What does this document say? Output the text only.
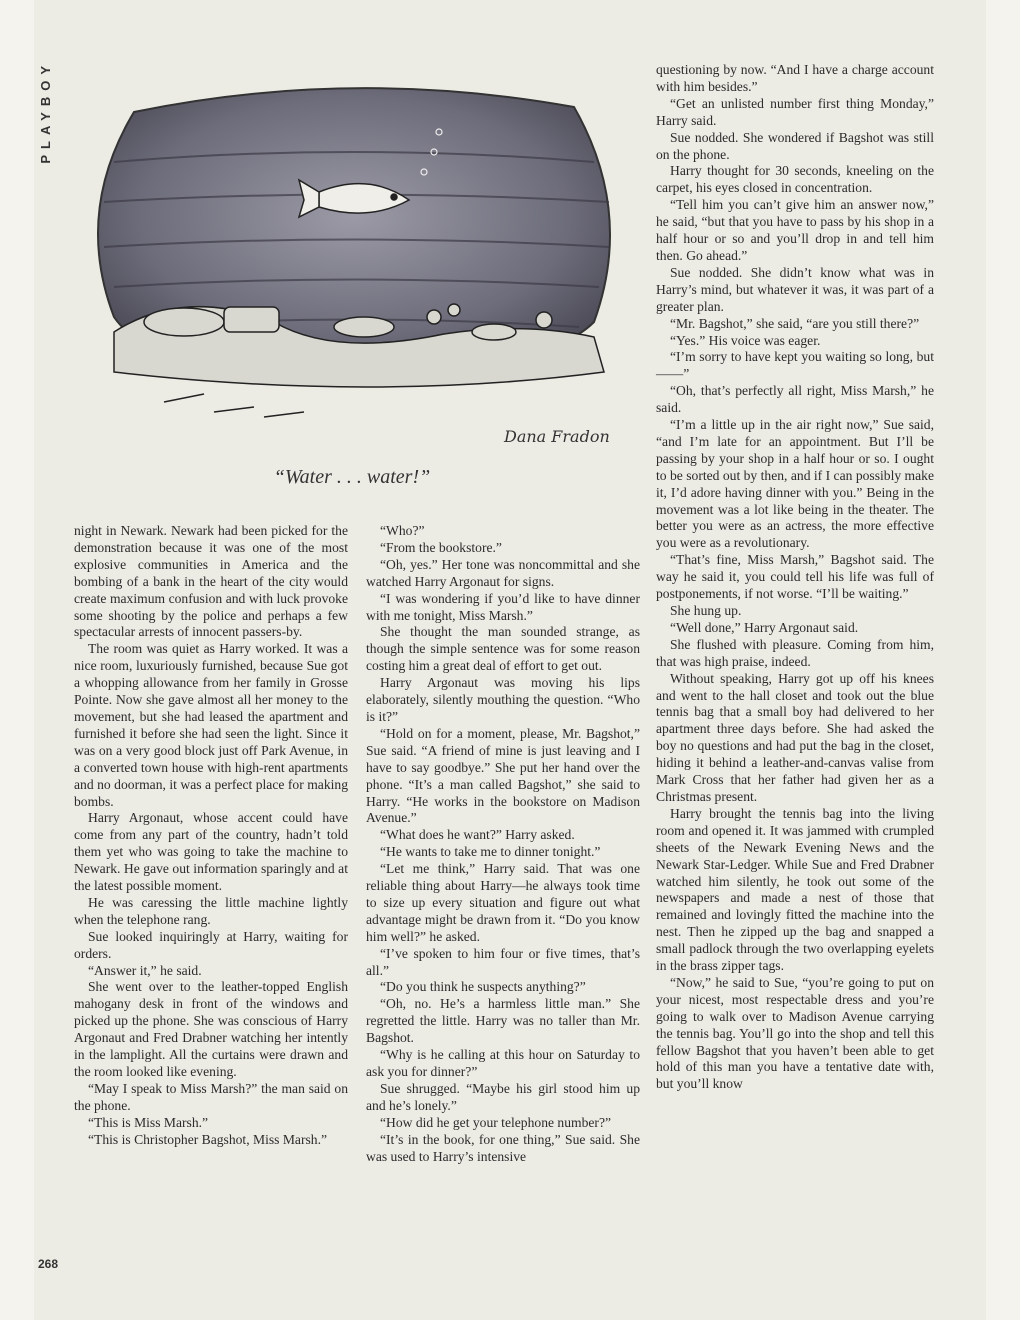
PLAYBOY
Dana Fradon
“Water . . . water!”

night in Newark. Newark had been picked for the demonstration because it was one of the most explosive communities in America and the bombing of a bank in the heart of the city would create maximum confusion and with luck provoke some shooting by the police and perhaps a few spectacular arrests of innocent passers-by.

The room was quiet as Harry worked. It was a nice room, luxuriously furnished, because Sue got a whopping allowance from her family in Grosse Pointe. Now she gave almost all her money to the movement, but she had leased the apartment and furnished it before she had seen the light. Since it was on a very good block just off Park Avenue, in a converted town house with high-rent apartments and no doorman, it was a perfect place for making bombs.

Harry Argonaut, whose accent could have come from any part of the country, hadn’t told them yet who was going to take the machine to Newark. He gave out information sparingly and at the latest possible moment.

He was caressing the little machine lightly when the telephone rang.

Sue looked inquiringly at Harry, waiting for orders.

“Answer it,” he said.

She went over to the leather-topped English mahogany desk in front of the windows and picked up the phone. She was conscious of Harry Argonaut and Fred Drabner watching her intently in the lamplight. All the curtains were drawn and the room looked like evening.

“May I speak to Miss Marsh?” the man said on the phone.

“This is Miss Marsh.”

“This is Christopher Bagshot, Miss Marsh.”

“Who?”

“From the bookstore.”

“Oh, yes.” Her tone was noncommittal and she watched Harry Argonaut for signs.

“I was wondering if you’d like to have dinner with me tonight, Miss Marsh.”

She thought the man sounded strange, as though the simple sentence was for some reason costing him a great deal of effort to get out.

Harry Argonaut was moving his lips elaborately, silently mouthing the question. “Who is it?”

“Hold on for a moment, please, Mr. Bagshot,” Sue said. “A friend of mine is just leaving and I have to say goodbye.” She put her hand over the phone. “It’s a man called Bagshot,” she said to Harry. “He works in the bookstore on Madison Avenue.”

“What does he want?” Harry asked.

“He wants to take me to dinner tonight.”

“Let me think,” Harry said. That was one reliable thing about Harry—he always took time to size up every situation and figure out what advantage might be drawn from it. “Do you know him well?” he asked.

“I’ve spoken to him four or five times, that’s all.”

“Do you think he suspects anything?”

“Oh, no. He’s a harmless little man.” She regretted the little. Harry was no taller than Mr. Bagshot.

“Why is he calling at this hour on Saturday to ask you for dinner?”

Sue shrugged. “Maybe his girl stood him up and he’s lonely.”

“How did he get your telephone number?”

“It’s in the book, for one thing,” Sue said. She was used to Harry’s intensive

questioning by now. “And I have a charge account with him besides.”

“Get an unlisted number first thing Monday,” Harry said.

Sue nodded. She wondered if Bagshot was still on the phone.

Harry thought for 30 seconds, kneeling on the carpet, his eyes closed in concentration.

“Tell him you can’t give him an answer now,” he said, “but that you have to pass by his shop in a half hour or so and you’ll drop in and tell him then. Go ahead.”

Sue nodded. She didn’t know what was in Harry’s mind, but whatever it was, it was part of a greater plan.

“Mr. Bagshot,” she said, “are you still there?”

“Yes.” His voice was eager.

“I’m sorry to have kept you waiting so long, but——”

“Oh, that’s perfectly all right, Miss Marsh,” he said.

“I’m a little up in the air right now,” Sue said, “and I’m late for an appointment. But I’ll be passing by your shop in a half hour or so. I ought to be sorted out by then, and if I can possibly make it, I’d adore having dinner with you.” Being in the movement was a lot like being in the theater. The better you were as an actress, the more effective you were as a revolutionary.

“That’s fine, Miss Marsh,” Bagshot said. The way he said it, you could tell his life was full of postponements, if not worse. “I’ll be waiting.”

She hung up.

“Well done,” Harry Argonaut said.

She flushed with pleasure. Coming from him, that was high praise, indeed.

Without speaking, Harry got up off his knees and went to the hall closet and took out the blue tennis bag that a small boy had delivered to her apartment three days before. She had asked the boy no questions and had put the bag in the closet, hiding it behind a leather-and-canvas valise from Mark Cross that her father had given her as a Christmas present.

Harry brought the tennis bag into the living room and opened it. It was jammed with crumpled sheets of the Newark Evening News and the Newark Star-Ledger. While Sue and Fred Drabner watched him silently, he took out some of the newspapers and made a nest of those that remained and lovingly fitted the machine into the nest. Then he zipped up the bag and snapped a small padlock through the two overlapping eyelets in the brass zipper tags.

“Now,” he said to Sue, “you’re going to put on your nicest, most respectable dress and you’re going to walk over to Madison Avenue carrying the tennis bag. You’ll go into the shop and tell this fellow Bagshot that you haven’t been able to get hold of this man you have a tentative date with, but you’ll know

268
